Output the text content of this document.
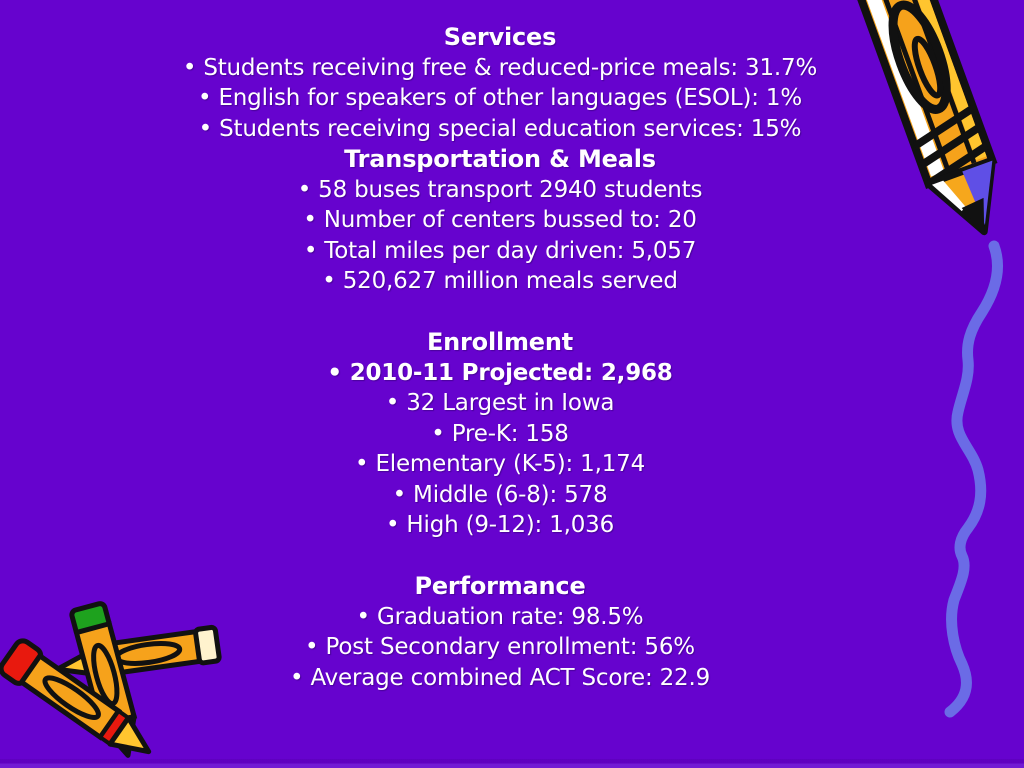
Services
• Students receiving free & reduced-price meals: 31.7%
• English for speakers of other languages (ESOL): 1%
• Students receiving special education services: 15%
Transportation & Meals
• 58 buses transport 2940 students
• Number of centers bussed to: 20
• Total miles per day driven: 5,057
• 520,627 million meals served
Enrollment
• 2010-11 Projected: 2,968
• 32 Largest in Iowa
• Pre-K: 158
• Elementary (K-5): 1,174
• Middle (6-8): 578
• High (9-12): 1,036
Performance
• Graduation rate: 98.5%
• Post Secondary enrollment: 56%
• Average combined ACT Score: 22.9
